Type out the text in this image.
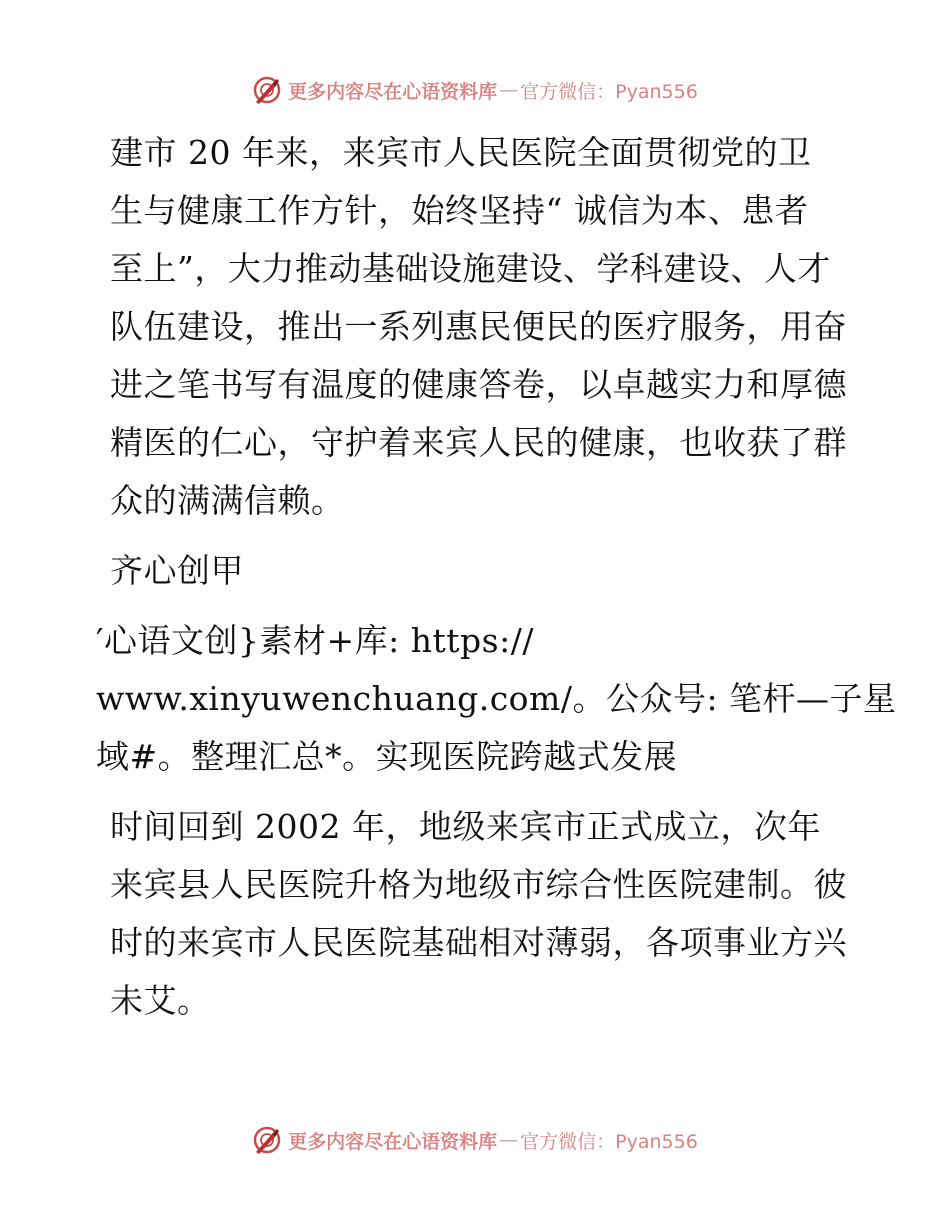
更多内容尽在心语资料库 — 官方微信：Pyan556
建市 20 年来，来宾市人民医院全面贯彻党的卫
生与健康工作方针，始终坚持“ 诚信为本、患者
至上”，大力推动基础设施建设、学科建设、人才
队伍建设，推出一系列惠民便民的医疗服务，用奋
进之笔书写有温度的健康答卷，以卓越实力和厚德
精医的仁心，守护着来宾人民的健康，也收获了群
众的满满信赖。
齐心创甲
′心语文创}素材+库: https://
www.xinyuwenchuang.com/。公众号: 笔杆—子星
域#。整理汇总*。实现医院跨越式发展
时间回到 2002 年，地级来宾市正式成立，次年
来宾县人民医院升格为地级市综合性医院建制。彼
时的来宾市人民医院基础相对薄弱，各项事业方兴
未艾。
更多内容尽在心语资料库 — 官方微信：Pyan556
